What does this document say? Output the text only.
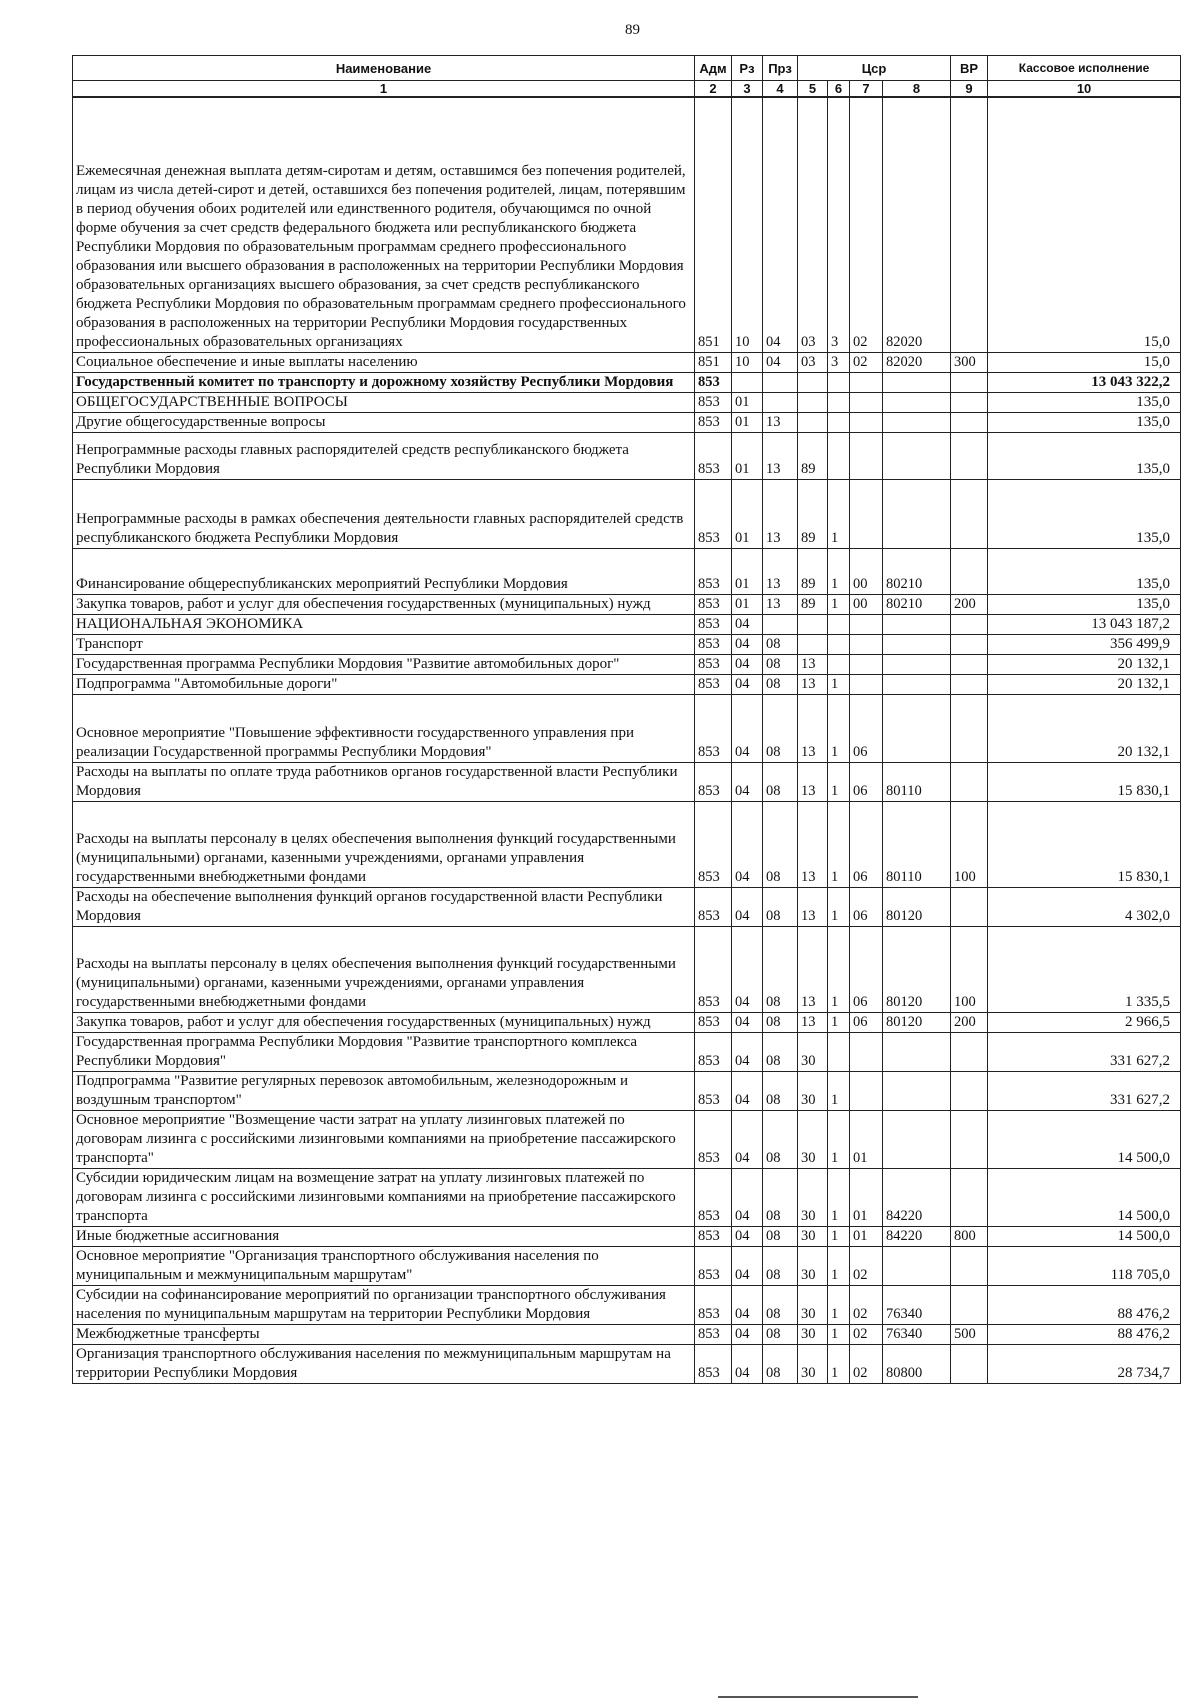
89
Наименование	Адм	Рз	Прз	Цср				ВР	Кассовое исполнение
1	2	3	4	5	6	7	8	9	10
Ежемесячная денежная выплата детям-сиротам и детям, оставшимся без попечения родителей, лицам из числа детей-сирот и детей, оставшихся без попечения родителей, лицам, потерявшим в период обучения обоих родителей или единственного родителя, обучающимся по очной форме обучения за счет средств федерального бюджета или республиканского бюджета Республики Мордовия по образовательным программам среднего профессионального образования или высшего образования в расположенных на территории Республики Мордовия образовательных организациях высшего образования, за счет средств республиканского бюджета Республики Мордовия по образовательным программам среднего профессионального образования в расположенных на территории Республики Мордовия государственных профессиональных образовательных организациях	851	10	04	03	3	02	82020		15,0
Социальное обеспечение и иные выплаты населению	851	10	04	03	3	02	82020	300	15,0
Государственный комитет по транспорту и дорожному хозяйству Республики Мордовия	853								13 043 322,2
ОБЩЕГОСУДАРСТВЕННЫЕ ВОПРОСЫ	853	01							135,0
Другие общегосударственные вопросы	853	01	13						135,0
Непрограммные расходы главных распорядителей средств республиканского бюджета Республики Мордовия	853	01	13	89					135,0
Непрограммные расходы в рамках обеспечения деятельности главных распорядителей средств республиканского бюджета Республики Мордовия	853	01	13	89	1				135,0
Финансирование общереспубликанских мероприятий Республики Мордовия	853	01	13	89	1	00	80210		135,0
Закупка товаров, работ и услуг для обеспечения государственных (муниципальных) нужд	853	01	13	89	1	00	80210	200	135,0
НАЦИОНАЛЬНАЯ ЭКОНОМИКА	853	04							13 043 187,2
Транспорт	853	04	08						356 499,9
Государственная программа Республики Мордовия "Развитие автомобильных дорог"	853	04	08	13					20 132,1
Подпрограмма "Автомобильные дороги"	853	04	08	13	1				20 132,1
Основное мероприятие "Повышение эффективности государственного управления при реализации Государственной программы Республики Мордовия"	853	04	08	13	1	06			20 132,1
Расходы на выплаты по оплате труда работников органов государственной власти Республики Мордовия	853	04	08	13	1	06	80110		15 830,1
Расходы на выплаты персоналу в целях обеспечения выполнения функций государственными (муниципальными) органами, казенными учреждениями, органами управления государственными внебюджетными фондами	853	04	08	13	1	06	80110	100	15 830,1
Расходы на обеспечение выполнения функций органов государственной власти Республики Мордовия	853	04	08	13	1	06	80120		4 302,0
Расходы на выплаты персоналу в целях обеспечения выполнения функций государственными (муниципальными) органами, казенными учреждениями, органами управления государственными внебюджетными фондами	853	04	08	13	1	06	80120	100	1 335,5
Закупка товаров, работ и услуг для обеспечения государственных (муниципальных) нужд	853	04	08	13	1	06	80120	200	2 966,5
Государственная программа Республики Мордовия "Развитие транспортного комплекса Республики Мордовия"	853	04	08	30					331 627,2
Подпрограмма "Развитие регулярных перевозок автомобильным, железнодорожным и воздушным транспортом"	853	04	08	30	1				331 627,2
Основное мероприятие "Возмещение части затрат на уплату лизинговых платежей по договорам лизинга с российскими лизинговыми компаниями на приобретение пассажирского транспорта"	853	04	08	30	1	01			14 500,0
Субсидии юридическим лицам на возмещение затрат на уплату лизинговых платежей по договорам лизинга с российскими лизинговыми компаниями на приобретение пассажирского транспорта	853	04	08	30	1	01	84220		14 500,0
Иные бюджетные ассигнования	853	04	08	30	1	01	84220	800	14 500,0
Основное мероприятие "Организация транспортного обслуживания населения по муниципальным и межмуниципальным маршрутам"	853	04	08	30	1	02			118 705,0
Субсидии на софинансирование мероприятий по организации транспортного обслуживания населения по муниципальным маршрутам на территории Республики Мордовия	853	04	08	30	1	02	76340		88 476,2
Межбюджетные трансферты	853	04	08	30	1	02	76340	500	88 476,2
Организация транспортного обслуживания населения по межмуниципальным маршрутам на территории Республики Мордовия	853	04	08	30	1	02	80800		28 734,7
